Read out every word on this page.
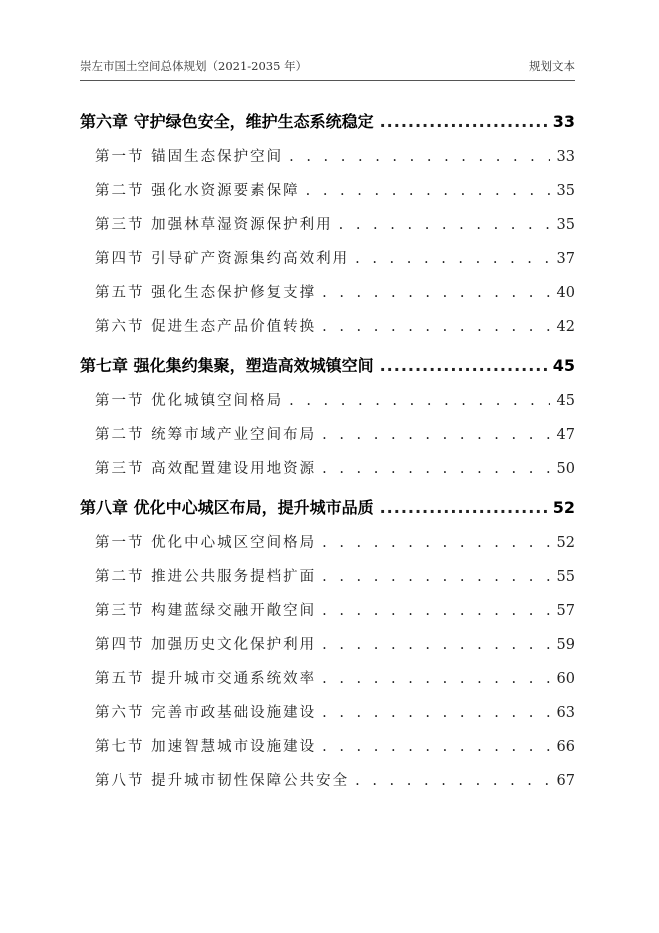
崇左市国土空间总体规划（2021-2035 年）	规划文本
第六章 守护绿色安全，维护生态系统稳定 .....	33
第一节 锚固生态保护空间 . . .	33
第二节 强化水资源要素保障 . . .	35
第三节 加强林草湿资源保护利用 . . .	35
第四节 引导矿产资源集约高效利用 . . .	37
第五节 强化生态保护修复支撑 . . .	40
第六节 促进生态产品价值转换 . . .	42
第七章 强化集约集聚，塑造高效城镇空间 .....	45
第一节 优化城镇空间格局 . . .	45
第二节 统筹市域产业空间布局 . . .	47
第三节 高效配置建设用地资源 . . .	50
第八章 优化中心城区布局，提升城市品质 .....	52
第一节 优化中心城区空间格局 . . .	52
第二节 推进公共服务提档扩面 . . .	55
第三节 构建蓝绿交融开敞空间 . . .	57
第四节 加强历史文化保护利用 . . .	59
第五节 提升城市交通系统效率 . . .	60
第六节 完善市政基础设施建设 . . .	63
第七节 加速智慧城市设施建设 . . .	66
第八节 提升城市韧性保障公共安全 . . .	67
